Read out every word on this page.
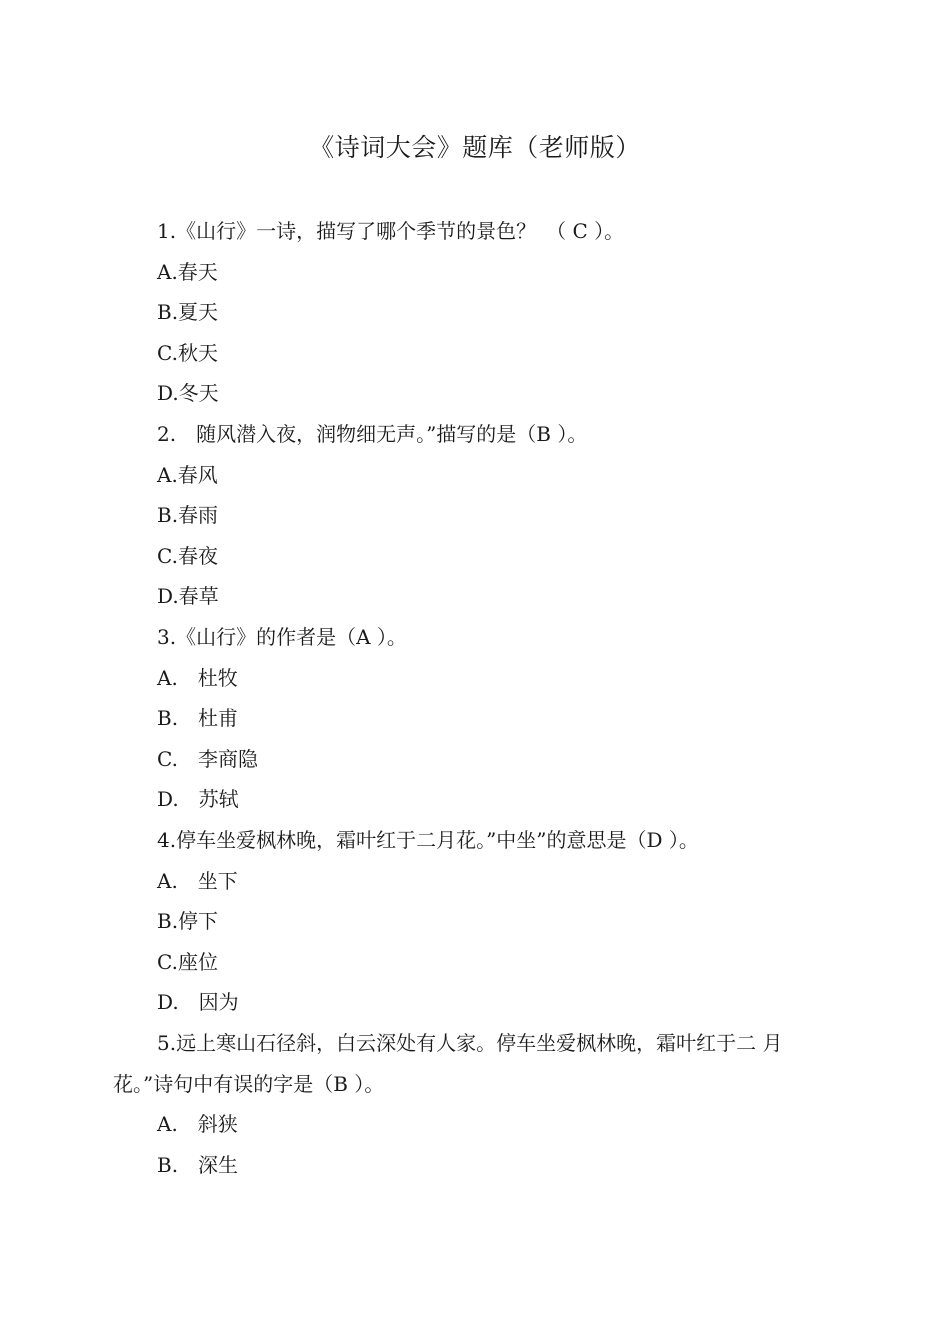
《诗词大会》题库（老师版）
1.《山行》一诗，描写了哪个季节的景色？　（ C ）。
A.春天
B.夏天
C.秋天
D.冬天
2.　随风潜入夜，润物细无声。”描写的是（B ）。
A.春风
B.春雨
C.春夜
D.春草
3.《山行》的作者是（A ）。
A.　杜牧
B.　杜甫
C.　李商隐
D.　苏轼
4.停车坐爱枫林晚，霜叶红于二月花。”中坐”的意思是（D ）。
A.　坐下
B.停下
C.座位
D.　因为
5.远上寒山石径斜，白云深处有人家。停车坐爱枫林晚，霜叶红于二 月
花。”诗句中有误的字是（B ）。
A.　斜狭
B.　深生
